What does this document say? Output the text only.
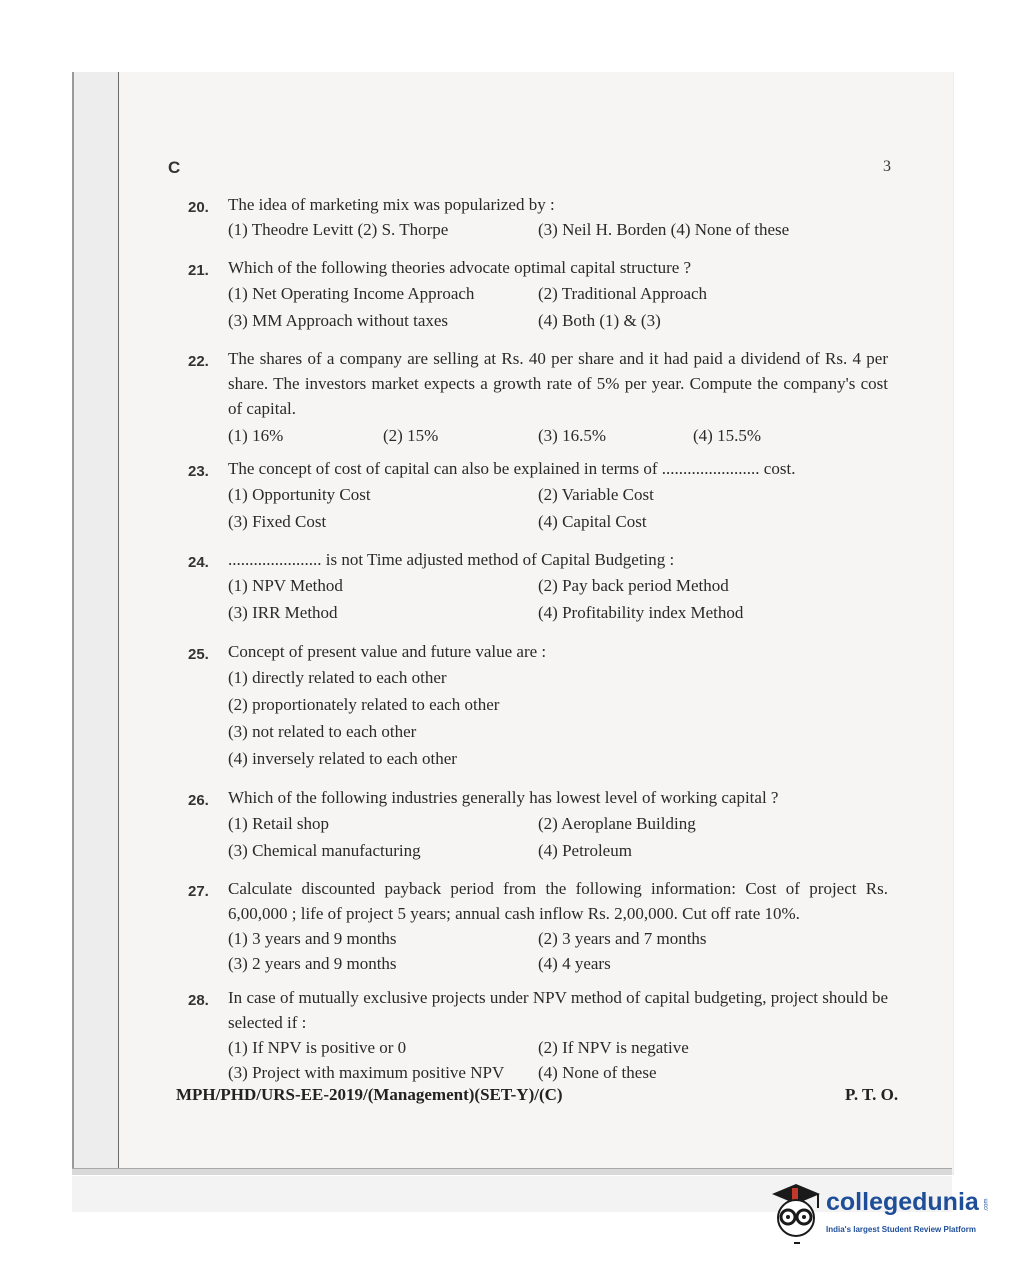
C	3
20. The idea of marketing mix was popularized by :
(1) Theodre Levitt (2) S. Thorpe	(3) Neil H. Borden (4) None of these
21. Which of the following theories advocate optimal capital structure ?
(1) Net Operating Income Approach	(2) Traditional Approach
(3) MM Approach without taxes	(4) Both (1) & (3)
22. The shares of a company are selling at Rs. 40 per share and it had paid a dividend of Rs. 4 per share. The investors market expects a growth rate of 5% per year. Compute the company's cost of capital.
(1) 16%	(2) 15%	(3) 16.5%	(4) 15.5%
23. The concept of cost of capital can also be explained in terms of ....................... cost.
(1) Opportunity Cost	(2) Variable Cost
(3) Fixed Cost	(4) Capital Cost
24. ...................... is not Time adjusted method of Capital Budgeting :
(1) NPV Method	(2) Pay back period Method
(3) IRR Method	(4) Profitability index Method
25. Concept of present value and future value are :
(1) directly related to each other
(2) proportionately related to each other
(3) not related to each other
(4) inversely related to each other
26. Which of the following industries generally has lowest level of working capital ?
(1) Retail shop	(2) Aeroplane Building
(3) Chemical manufacturing	(4) Petroleum
27. Calculate discounted payback period from the following information: Cost of project Rs. 6,00,000 ; life of project 5 years; annual cash inflow Rs. 2,00,000. Cut off rate 10%.
(1) 3 years and 9 months	(2) 3 years and 7 months
(3) 2 years and 9 months	(4) 4 years
28. In case of mutually exclusive projects under NPV method of capital budgeting, project should be selected if :
(1) If NPV is positive or 0	(2) If NPV is negative
(3) Project with maximum positive NPV	(4) None of these
MPH/PHD/URS-EE-2019/(Management)(SET-Y)/(C)	P. T. O.
collegedunia .com
India's largest Student Review Platform
